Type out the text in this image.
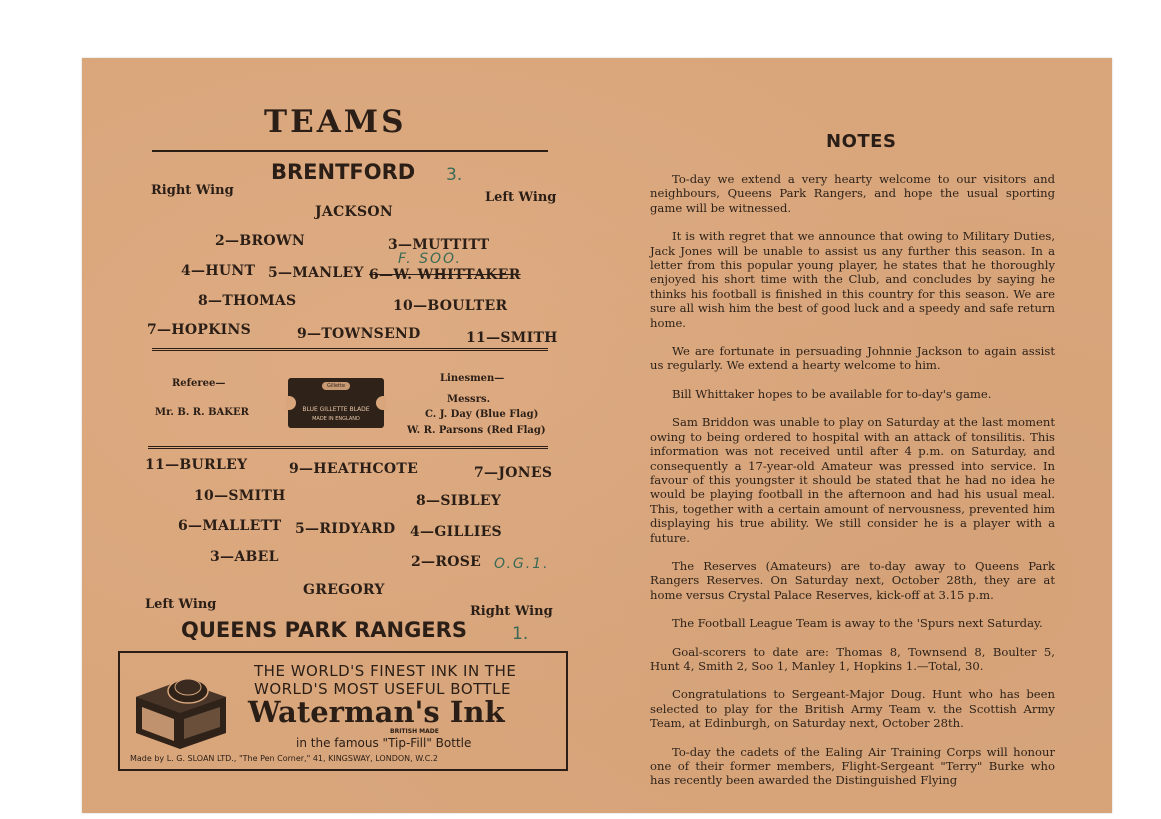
TEAMS
BRENTFORD 3.
Right Wing	Left Wing
JACKSON
2—BROWN	3—MUTTITT
F. SOO.
4—HUNT 5—MANLEY 6—W. WHITTAKER
8—THOMAS	10—BOULTER
7—HOPKINS	9—TOWNSEND	11—SMITH
Referee—
Mr. B. R. BAKER
Gillette
BLUE GILLETTE BLADE
MADE IN ENGLAND
Linesmen—
Messrs.
C. J. Day (Blue Flag)
W. R. Parsons (Red Flag)
11—BURLEY	9—HEATHCOTE	7—JONES
10—SMITH	8—SIBLEY
6—MALLETT 5—RIDYARD 4—GILLIES
3—ABEL	2—ROSE O.G.1.
GREGORY
Left Wing	Right Wing
QUEENS PARK RANGERS	1.
THE WORLD'S FINEST INK IN THE
WORLD'S MOST USEFUL BOTTLE
Waterman's Ink
BRITISH MADE
in the famous "Tip-Fill" Bottle
Made by L. G. SLOAN LTD., "The Pen Corner," 41, KINGSWAY, LONDON, W.C.2
NOTES

To-day we extend a very hearty welcome to our visitors and neighbours, Queens Park Rangers, and hope the usual sporting game will be witnessed.

It is with regret that we announce that owing to Military Duties, Jack Jones will be unable to assist us any further this season. In a letter from this popular young player, he states that he thoroughly enjoyed his short time with the Club, and concludes by saying he thinks his football is finished in this country for this season. We are sure all wish him the best of good luck and a speedy and safe return home.

We are fortunate in persuading Johnnie Jackson to again assist us regularly. We extend a hearty welcome to him.

Bill Whittaker hopes to be available for to-day's game.

Sam Briddon was unable to play on Saturday at the last moment owing to being ordered to hospital with an attack of tonsilitis. This information was not received until after 4 p.m. on Saturday, and consequently a 17-year-old Amateur was pressed into service. In favour of this youngster it should be stated that he had no idea he would be playing football in the afternoon and had his usual meal. This, together with a certain amount of nervousness, prevented him displaying his true ability. We still consider he is a player with a future.

The Reserves (Amateurs) are to-day away to Queens Park Rangers Reserves. On Saturday next, October 28th, they are at home versus Crystal Palace Reserves, kick-off at 3.15 p.m.

The Football League Team is away to the 'Spurs next Saturday.

Goal-scorers to date are: Thomas 8, Townsend 8, Boulter 5, Hunt 4, Smith 2, Soo 1, Manley 1, Hopkins 1.—Total, 30.

Congratulations to Sergeant-Major Doug. Hunt who has been selected to play for the British Army Team v. the Scottish Army Team, at Edinburgh, on Saturday next, October 28th.

To-day the cadets of the Ealing Air Training Corps will honour one of their former members, Flight-Sergeant "Terry" Burke who has recently been awarded the Distinguished Flying
